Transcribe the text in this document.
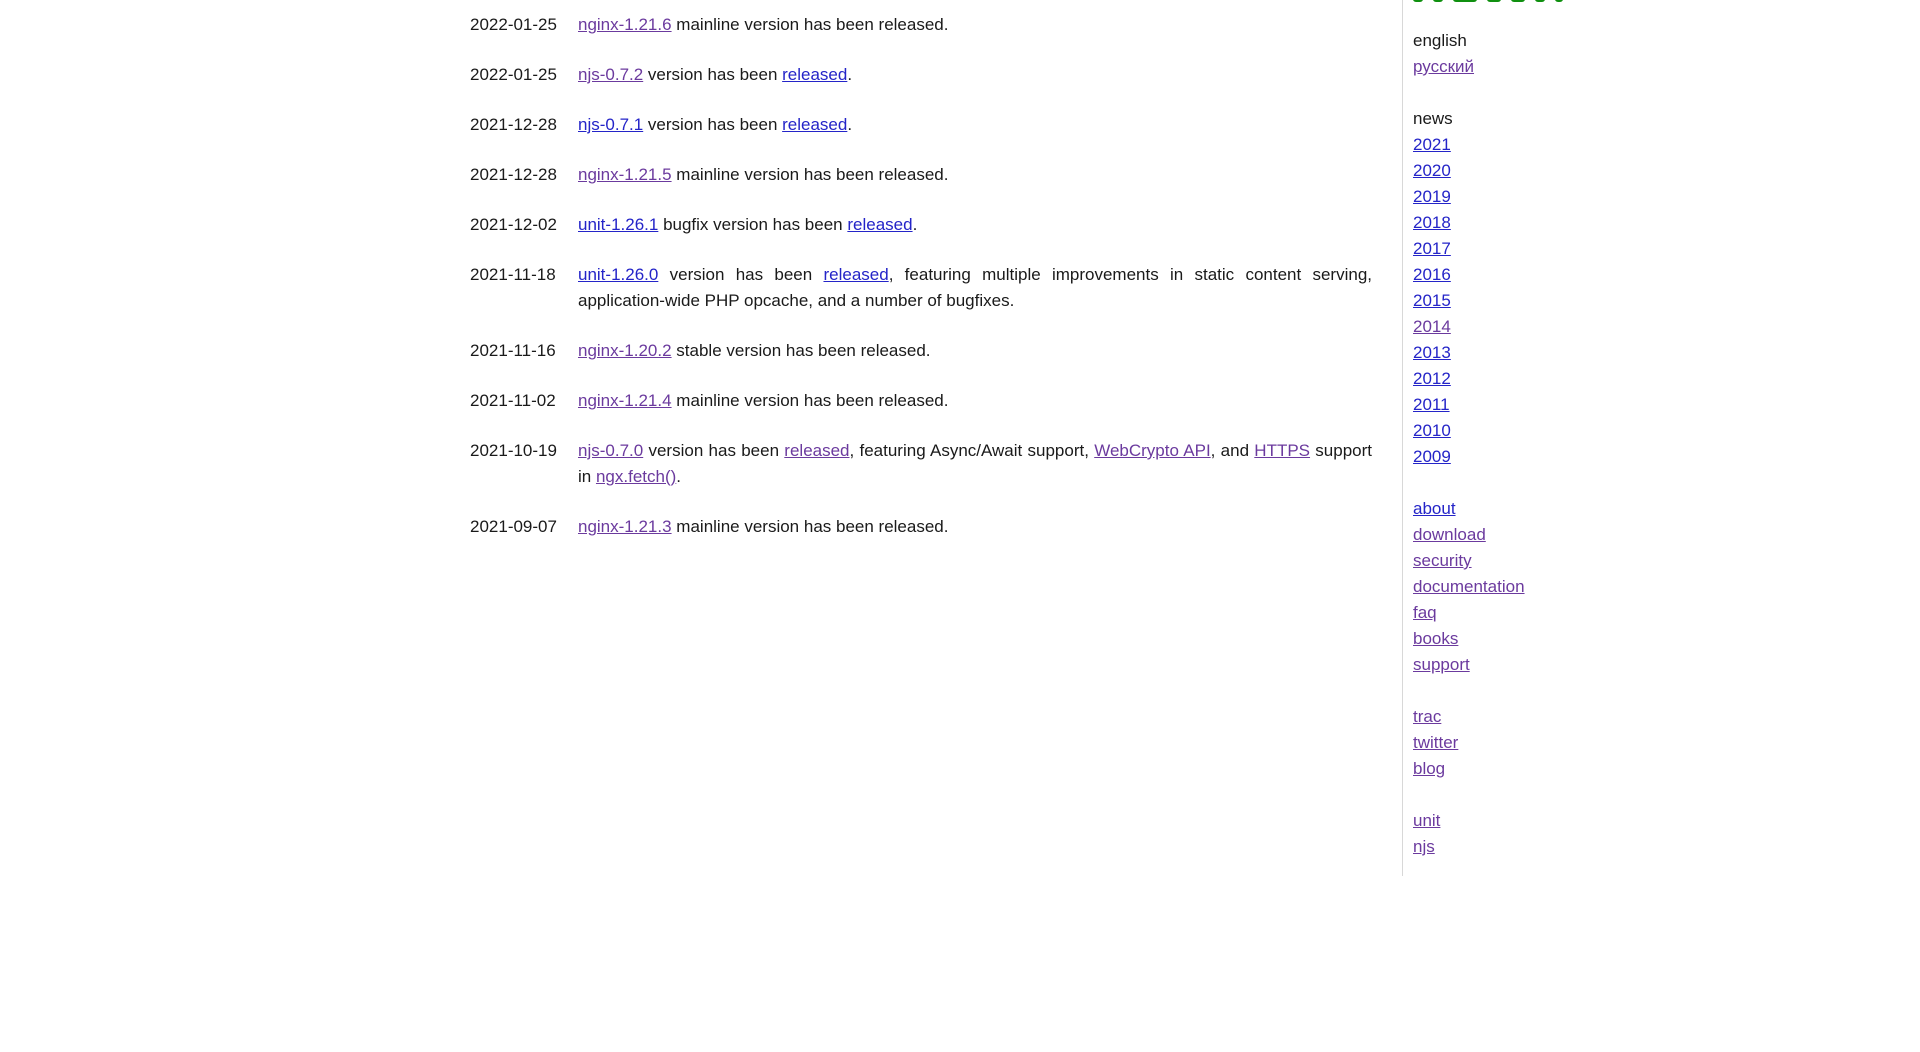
2022-01-25	nginx-1.21.6 mainline version has been released.
2022-01-25	njs-0.7.2 version has been released.
2021-12-28	njs-0.7.1 version has been released.
2021-12-28	nginx-1.21.5 mainline version has been released.
2021-12-02	unit-1.26.1 bugfix version has been released.
2021-11-18	unit-1.26.0 version has been released, featuring multiple improvements in static content serving, application-wide PHP opcache, and a number of bugfixes.
2021-11-16	nginx-1.20.2 stable version has been released.
2021-11-02	nginx-1.21.4 mainline version has been released.
2021-10-19	njs-0.7.0 version has been released, featuring Async/Await support, WebCrypto API, and HTTPS support in ngx.fetch().
2021-09-07	nginx-1.21.3 mainline version has been released.
english
русский
news
2021
2020
2019
2018
2017
2016
2015
2014
2013
2012
2011
2010
2009
about
download
security
documentation
faq
books
support
trac
twitter
blog
unit
njs
